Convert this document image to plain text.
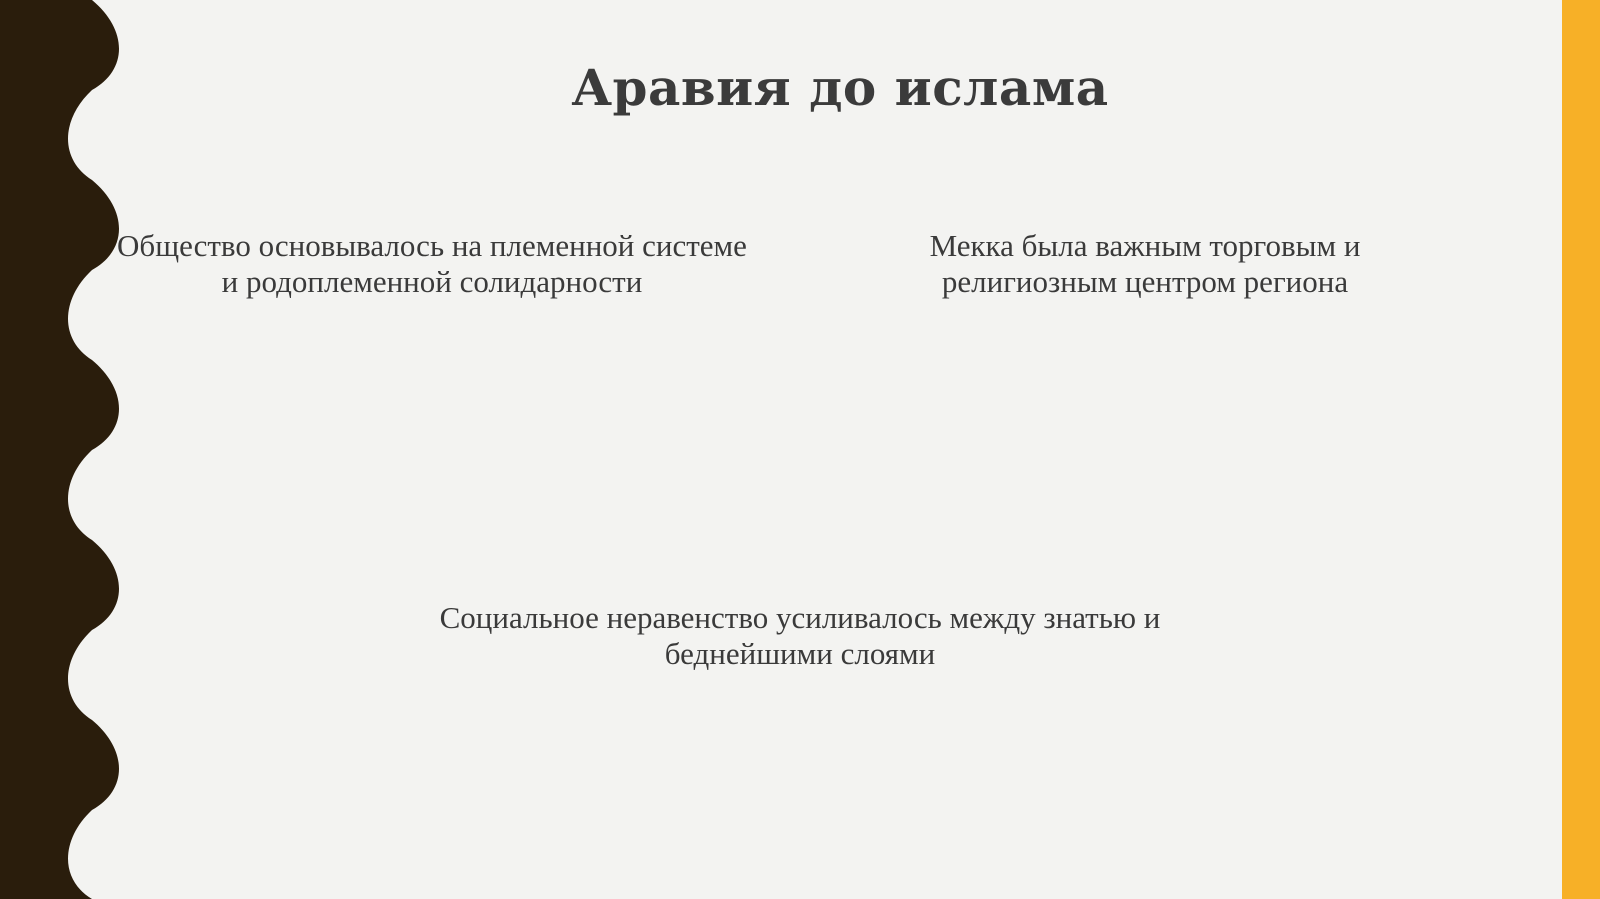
Аравия до ислама

Общество основывалось на племенной системе и родоплеменной солидарности

Мекка была важным торговым и религиозным центром региона

Социальное неравенство усиливалось между знатью и беднейшими слоями
